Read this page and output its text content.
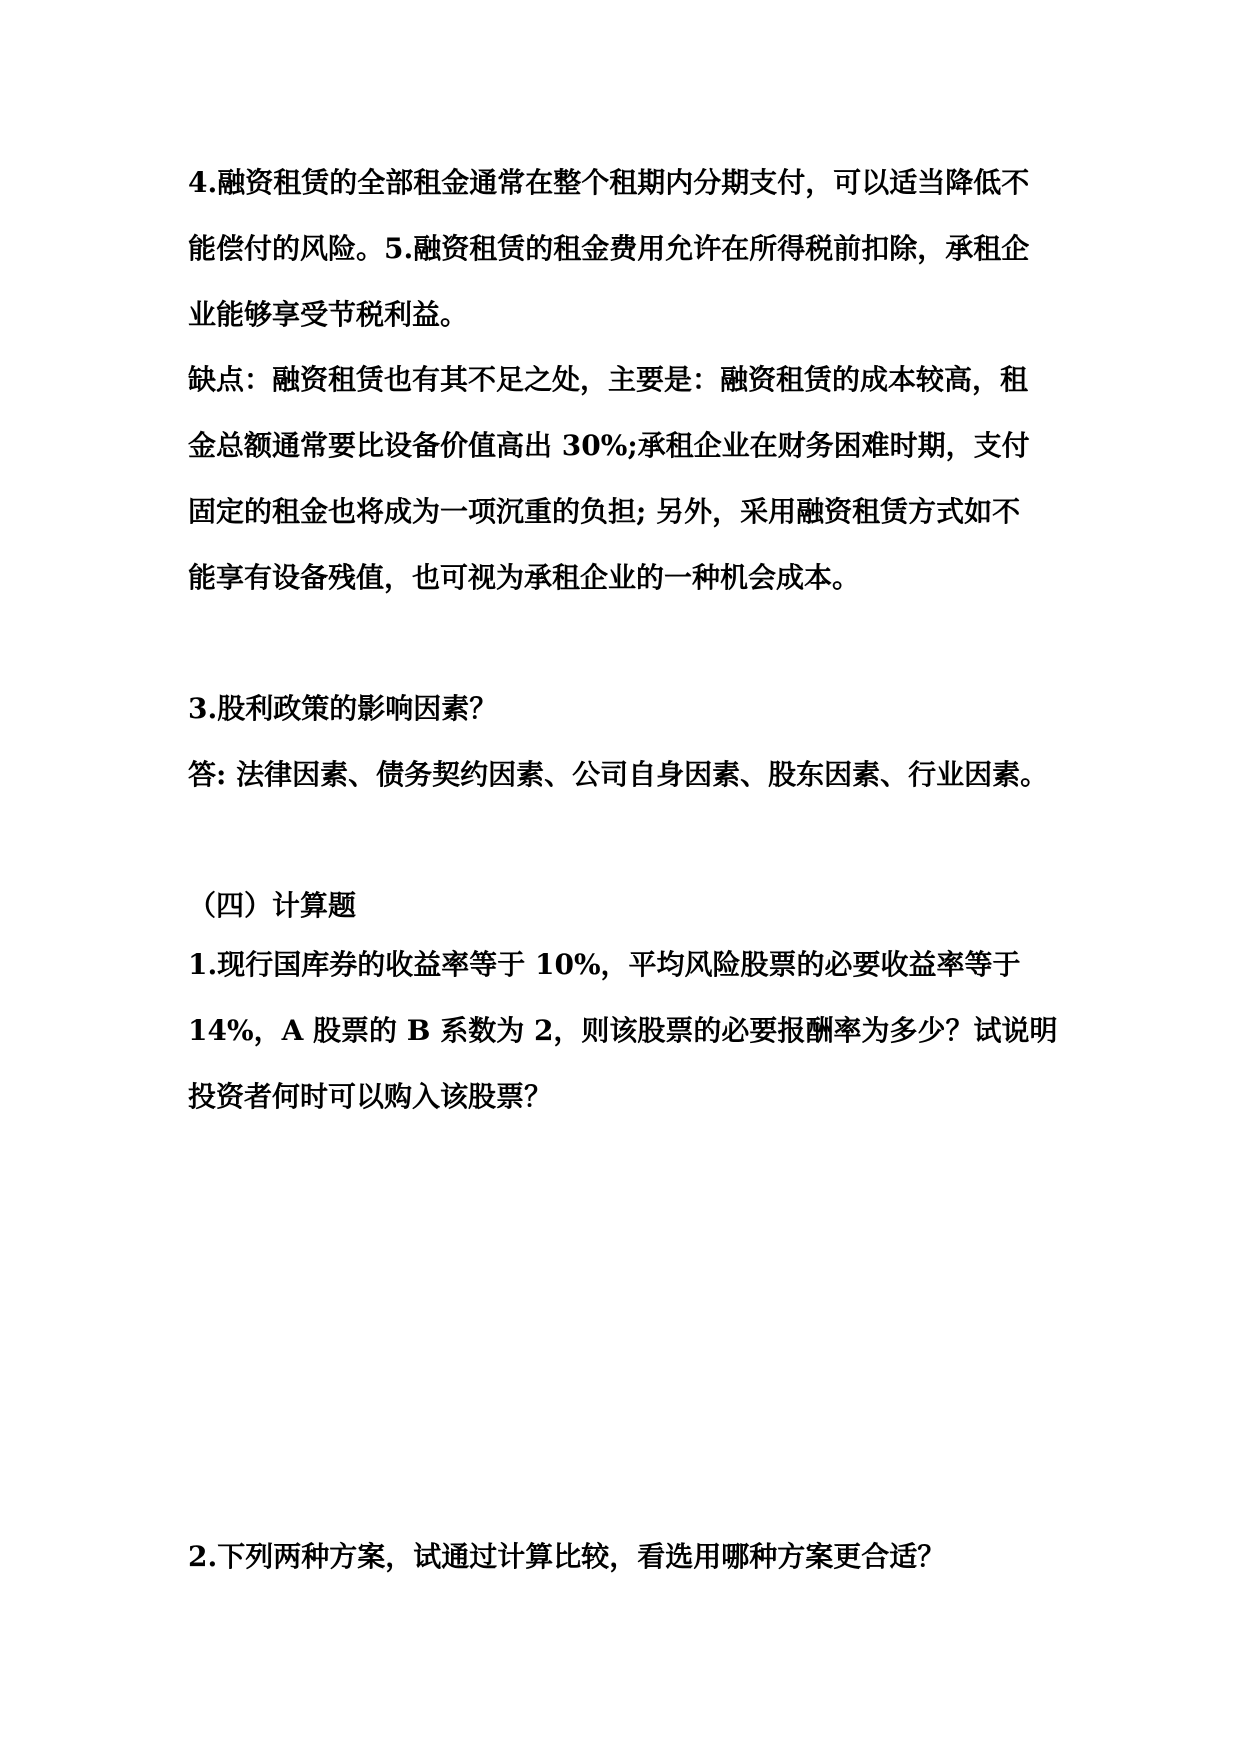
4.融资租赁的全部租金通常在整个租期内分期支付，可以适当降低不
能偿付的风险。5.融资租赁的租金费用允许在所得税前扣除，承租企
业能够享受节税利益。
缺点：融资租赁也有其不足之处，主要是：融资租赁的成本较高，租
金总额通常要比设备价值高出 30%;承租企业在财务困难时期，支付
固定的租金也将成为一项沉重的负担; 另外，采用融资租赁方式如不
能享有设备残值，也可视为承租企业的一种机会成本。
3.股利政策的影响因素？
答: 法律因素、债务契约因素、公司自身因素、股东因素、行业因素。
（四）计算题
1.现行国库券的收益率等于 10%，平均风险股票的必要收益率等于
14%，A 股票的 B 系数为 2，则该股票的必要报酬率为多少？试说明
投资者何时可以购入该股票？
2.下列两种方案，试通过计算比较，看选用哪种方案更合适？
